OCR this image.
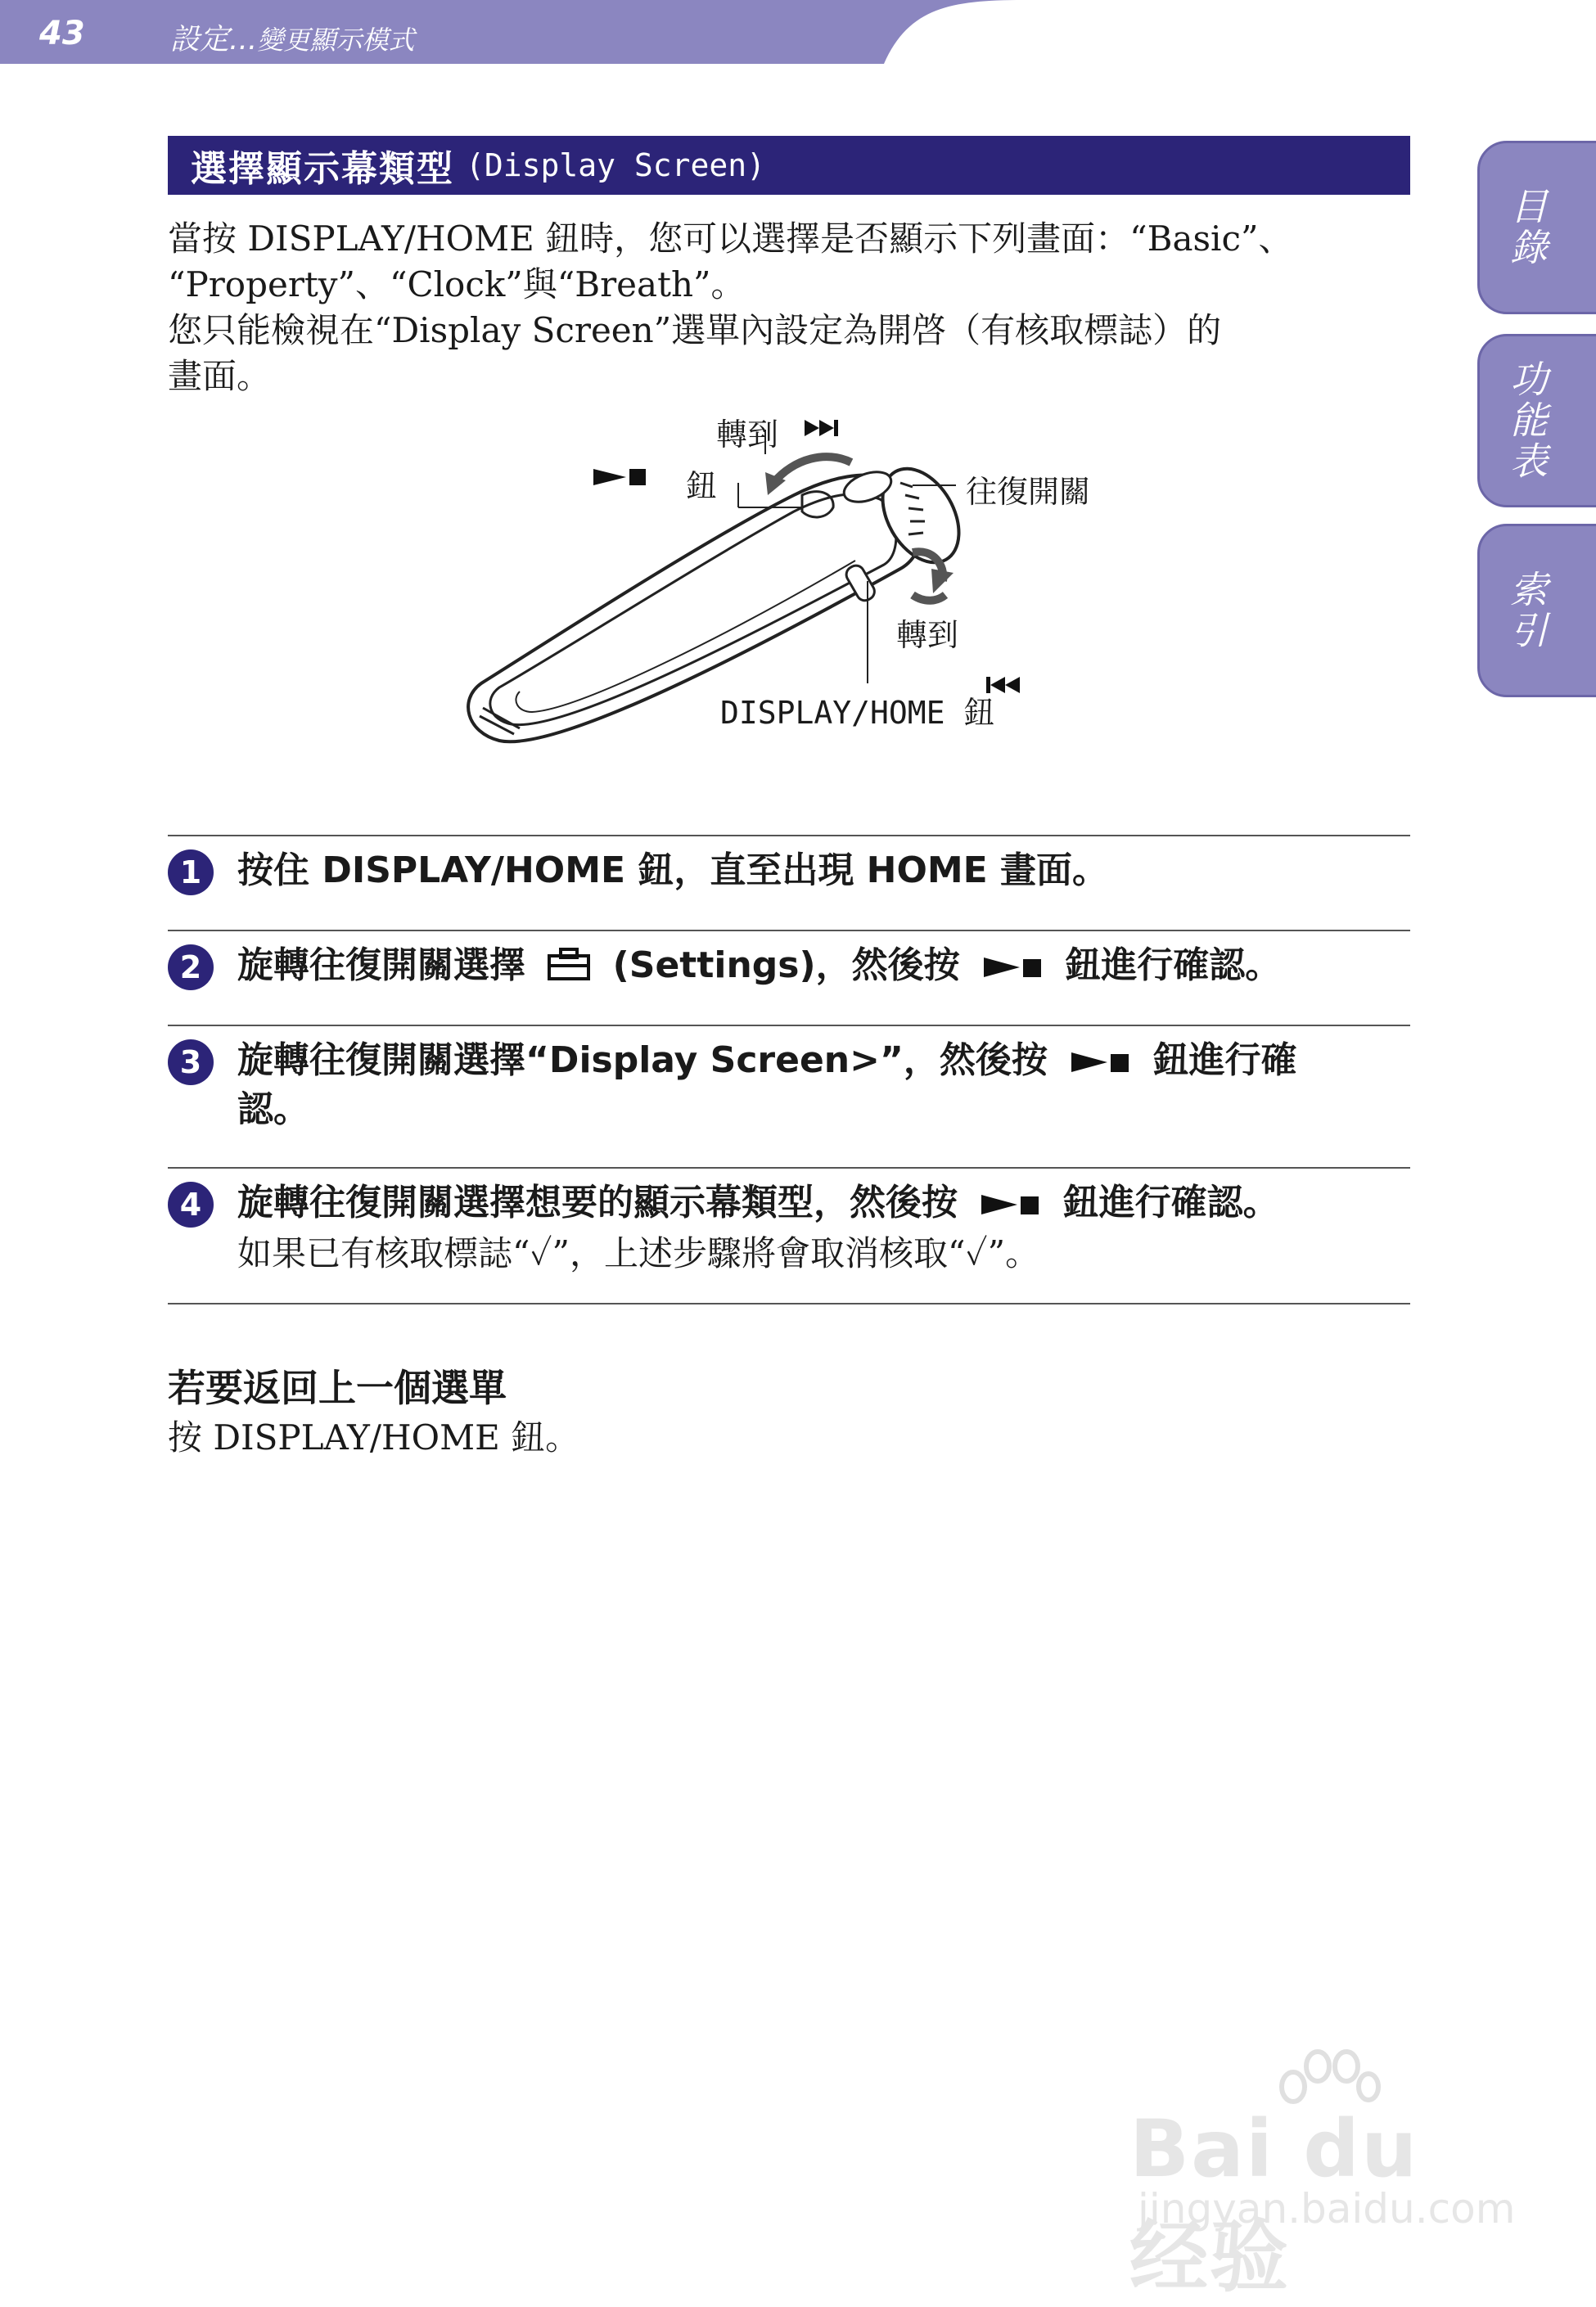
43	設定...變更顯示模式
目錄
功能表
索引
選擇顯示幕類型 (Display Screen)
當按 DISPLAY/HOME 鈕時，您可以選擇是否顯示下列畫面：“Basic”、
“Property”、“Clock”與“Breath”。
您只能檢視在“Display Screen”選單內設定為開啓（有核取標誌）的
畫面。
轉到
鈕	往復開關
轉到
DISPLAY/HOME 鈕
1 按住 DISPLAY/HOME 鈕，直至出現 HOME 畫面。
2 旋轉往復開關選擇 (Settings)，然後按	鈕進行確認。
3 旋轉往復開關選擇“Display Screen>”，然後按	鈕進行確
認。
4 旋轉往復開關選擇想要的顯示幕類型，然後按	鈕進行確認。
如果已有核取標誌“✓”，上述步驟將會取消核取“✓”。
若要返回上一個選單
按 DISPLAY/HOME 鈕。
Bai du 经验
jingyan.baidu.com
